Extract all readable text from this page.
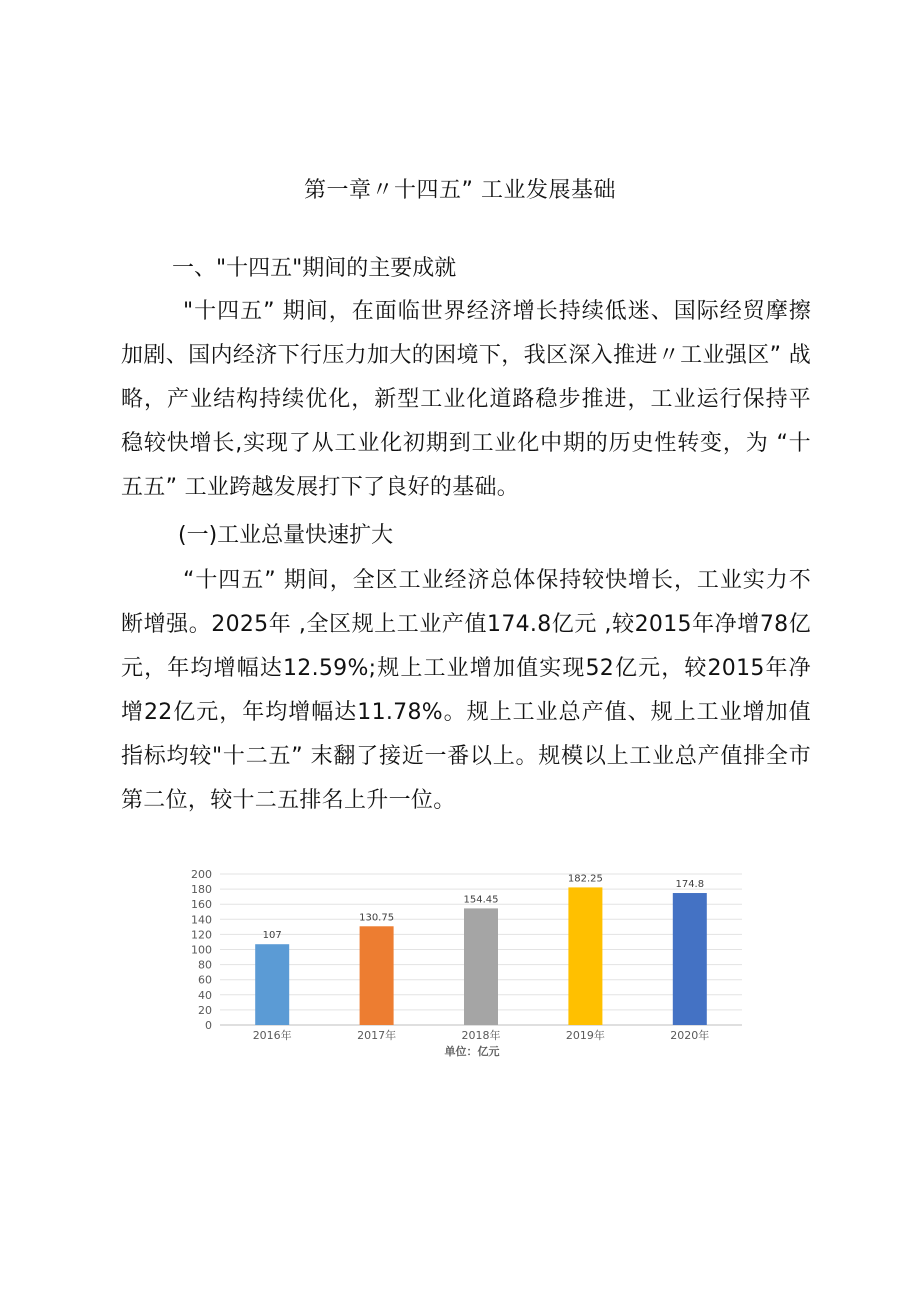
第一章〃十四五” 工业发展基础
一、"十四五"期间的主要成就
"十四五” 期间，在面临世界经济增长持续低迷、国际经贸摩擦加剧、国内经济下行压力加大的困境下，我区深入推进〃工业强区” 战略，产业结构持续优化，新型工业化道路稳步推进，工业运行保持平稳较快增长,实现了从工业化初期到工业化中期的历史性转变，为 “十五五” 工业跨越发展打下了良好的基础。
(一)工业总量快速扩大
“十四五” 期间，全区工业经济总体保持较快增长，工业实力不断增强。2025年 ,全区规上工业产值174.8亿元 ,较2015年净增78亿元，年均增幅达12.59%;规上工业增加值实现52亿元，较2015年净增22亿元，年均增幅达11.78%。规上工业总产值、规上工业增加值指标均较"十二五” 末翻了接近一番以上。规模以上工业总产值排全市第二位，较十二五排名上升一位。
单位：亿元
0
20
40
60
80
100
120
140
160
180
200
107
2016年
130.75
2017年
154.45
2018年
182.25
2019年
174.8
2020年
